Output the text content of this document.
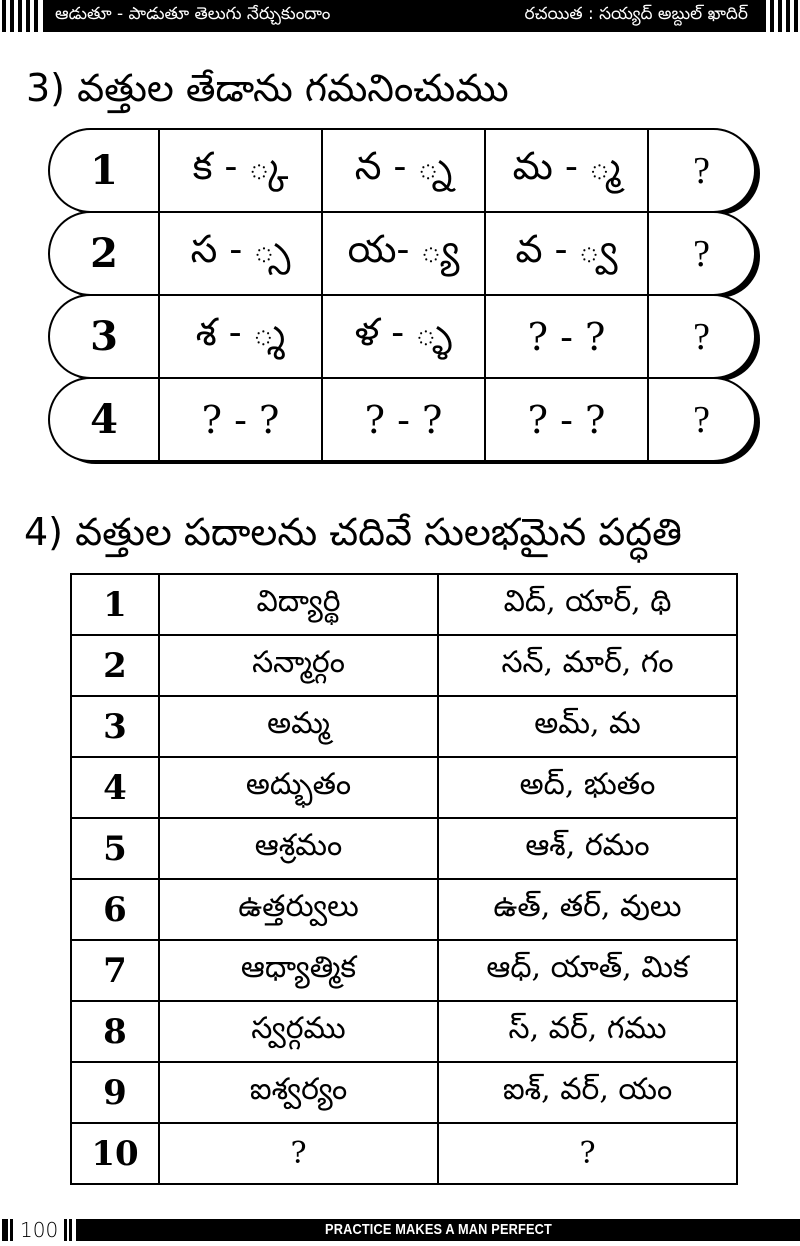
ఆడుతూ - పాడుతూ తెలుగు నేర్చుకుందాం	రచయిత : సయ్యద్ అబ్దుల్ ఖాదిర్
3) వత్తుల తేడాను గమనించుము
1	క - ్క	న - ్న	మ - ్మ	?
2	స - ్స	య- ్య	వ - ్వ	?
3	శ - ్శ	ళ - ్ళ	? - ?	?
4	? - ?	? - ?	? - ?	?
4) వత్తుల పదాలను చదివే సులభమైన పద్ధతి
1	విద్యార్థి	విద్, యార్, థి
2	సన్మార్గం	సన్, మార్, గం
3	అమ్మ	అమ్, మ
4	అద్భుతం	అద్, భుతం
5	ఆశ్రమం	ఆశ్, రమం
6	ఉత్తర్వులు	ఉత్, తర్, వులు
7	ఆధ్యాత్మిక	ఆధ్, యాత్, మిక
8	స్వర్గము	స్, వర్, గము
9	ఐశ్వర్యం	ఐశ్, వర్, యం
10	?	?
100	PRACTICE MAKES A MAN PERFECT
